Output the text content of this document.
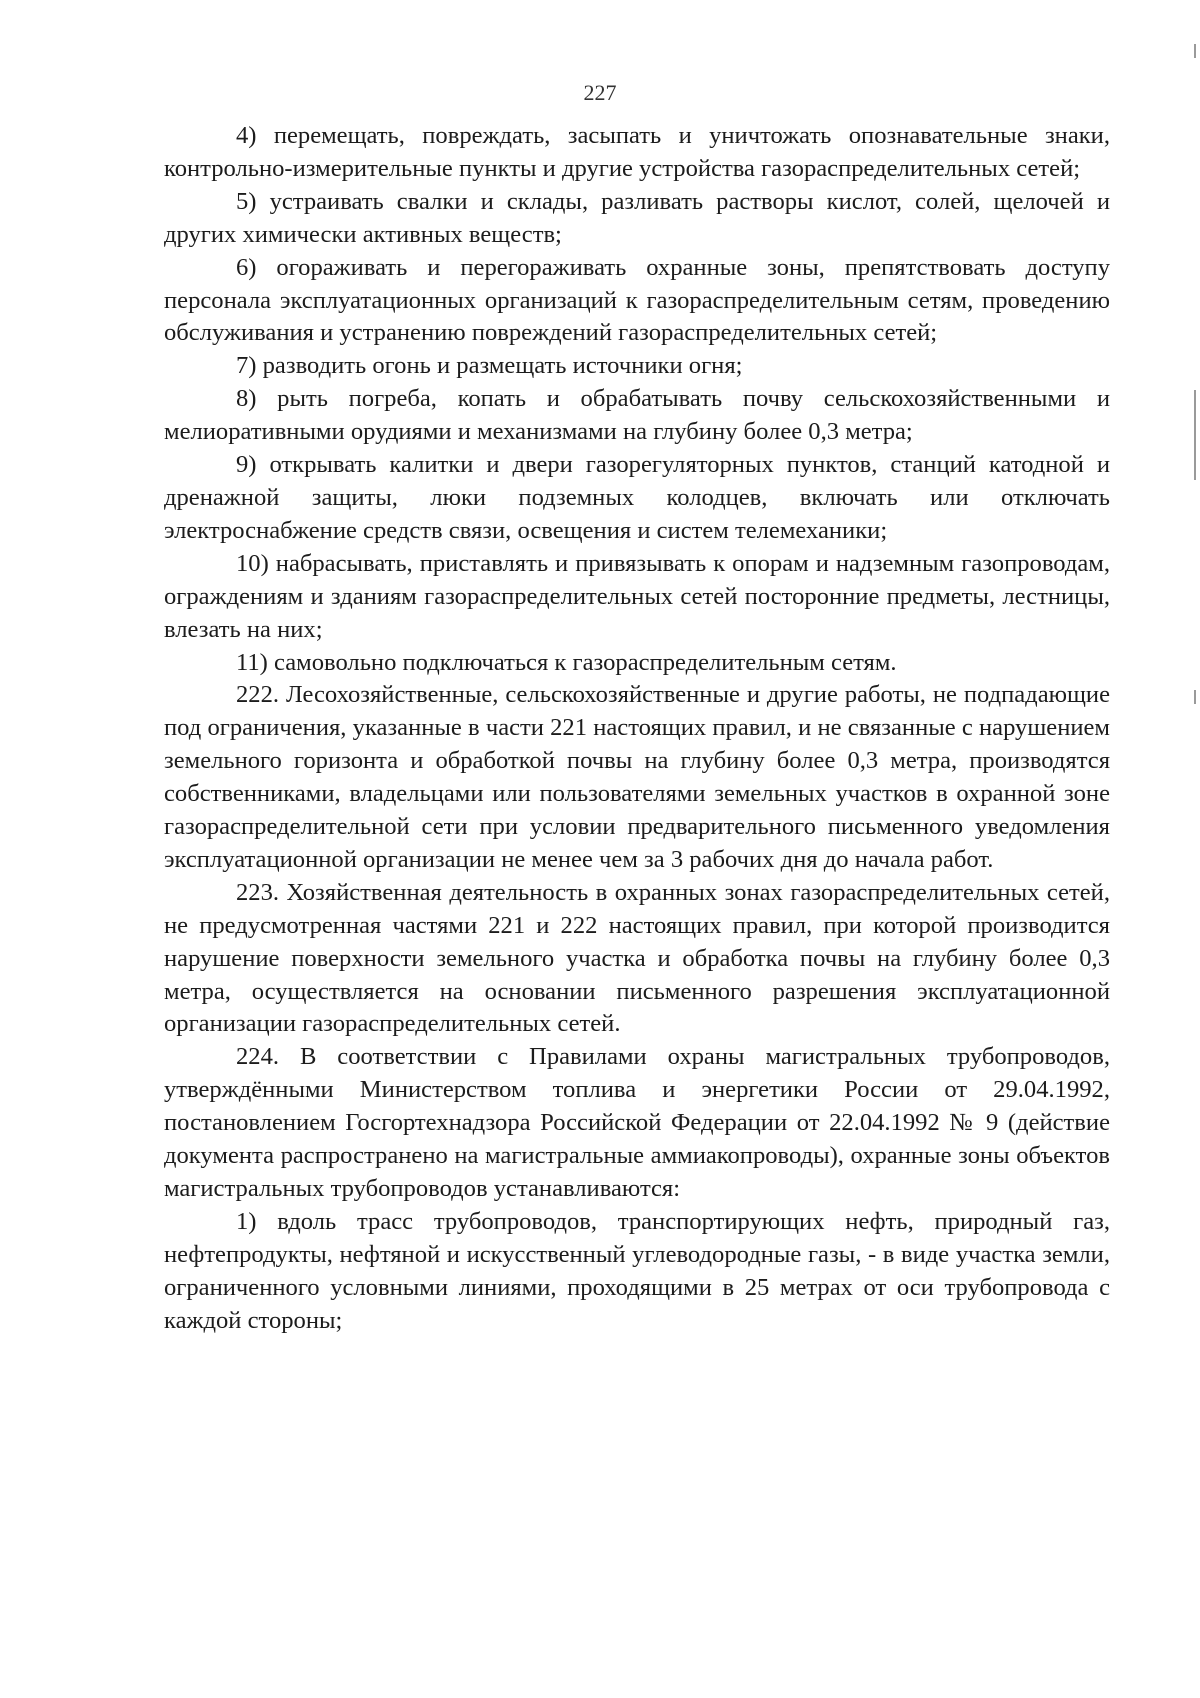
227

4) перемещать, повреждать, засыпать и уничтожать опознавательные знаки, контрольно-измерительные пункты и другие устройства газораспределительных сетей;

5) устраивать свалки и склады, разливать растворы кислот, солей, щелочей и других химически активных веществ;

6) огораживать и перегораживать охранные зоны, препятствовать доступу персонала эксплуатационных организаций к газораспределительным сетям, проведению обслуживания и устранению повреждений газораспределительных сетей;

7) разводить огонь и размещать источники огня;

8) рыть погреба, копать и обрабатывать почву сельскохозяйственными и мелиоративными орудиями и механизмами на глубину более 0,3 метра;

9) открывать калитки и двери газорегуляторных пунктов, станций катодной и дренажной защиты, люки подземных колодцев, включать или отключать электроснабжение средств связи, освещения и систем телемеханики;

10) набрасывать, приставлять и привязывать к опорам и надземным газопроводам, ограждениям и зданиям газораспределительных сетей посторонние предметы, лестницы, влезать на них;

11) самовольно подключаться к газораспределительным сетям.

222. Лесохозяйственные, сельскохозяйственные и другие работы, не подпадающие под ограничения, указанные в части 221 настоящих правил, и не связанные с нарушением земельного горизонта и обработкой почвы на глубину более 0,3 метра, производятся собственниками, владельцами или пользователями земельных участков в охранной зоне газораспределительной сети при условии предварительного письменного уведомления эксплуатационной организации не менее чем за 3 рабочих дня до начала работ.

223. Хозяйственная деятельность в охранных зонах газораспределительных сетей, не предусмотренная частями 221 и 222 настоящих правил, при которой производится нарушение поверхности земельного участка и обработка почвы на глубину более 0,3 метра, осуществляется на основании письменного разрешения эксплуатационной организации газораспределительных сетей.

224. В соответствии с Правилами охраны магистральных трубопроводов, утверждёнными Министерством топлива и энергетики России от 29.04.1992, постановлением Госгортехнадзора Российской Федерации от 22.04.1992 № 9 (действие документа распространено на магистральные аммиакопроводы), охранные зоны объектов магистральных трубопроводов устанавливаются:

1) вдоль трасс трубопроводов, транспортирующих нефть, природный газ, нефтепродукты, нефтяной и искусственный углеводородные газы, - в виде участка земли, ограниченного условными линиями, проходящими в 25 метрах от оси трубопровода с каждой стороны;
